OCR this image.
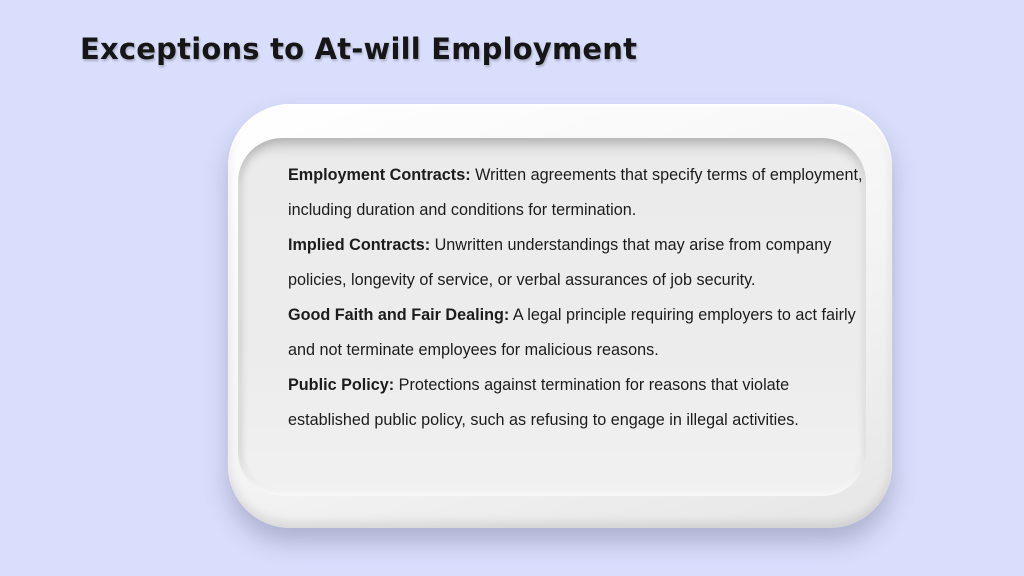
Exceptions to At-will Employment

Employment Contracts: Written agreements that specify terms of employment, including duration and conditions for termination.

Implied Contracts: Unwritten understandings that may arise from company policies, longevity of service, or verbal assurances of job security.

Good Faith and Fair Dealing: A legal principle requiring employers to act fairly and not terminate employees for malicious reasons.

Public Policy: Protections against termination for reasons that violate established public policy, such as refusing to engage in illegal activities.
